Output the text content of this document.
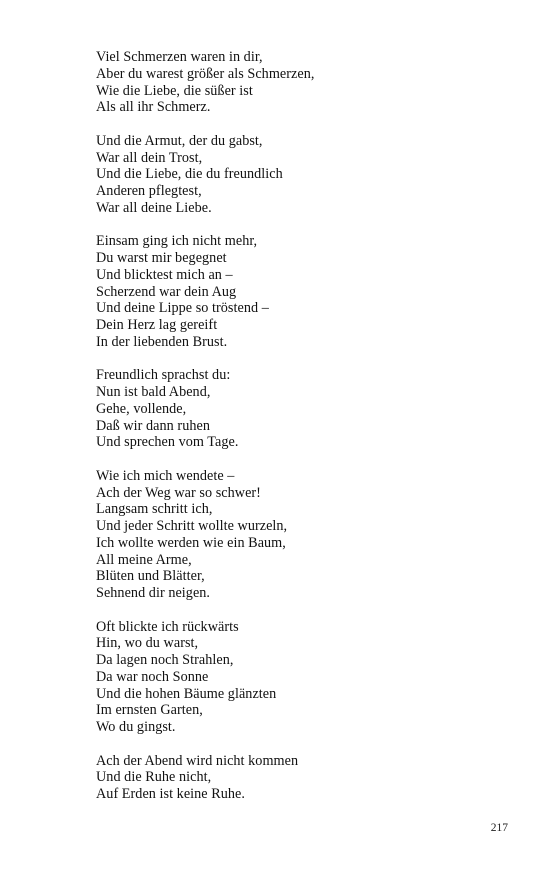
Viel Schmerzen waren in dir,
Aber du warest größer als Schmerzen,
Wie die Liebe, die süßer ist
Als all ihr Schmerz.
Und die Armut, der du gabst,
War all dein Trost,
Und die Liebe, die du freundlich
Anderen pflegtest,
War all deine Liebe.
Einsam ging ich nicht mehr,
Du warst mir begegnet
Und blicktest mich an –
Scherzend war dein Aug
Und deine Lippe so tröstend –
Dein Herz lag gereift
In der liebenden Brust.
Freundlich sprachst du:
Nun ist bald Abend,
Gehe, vollende,
Daß wir dann ruhen
Und sprechen vom Tage.
Wie ich mich wendete –
Ach der Weg war so schwer!
Langsam schritt ich,
Und jeder Schritt wollte wurzeln,
Ich wollte werden wie ein Baum,
All meine Arme,
Blüten und Blätter,
Sehnend dir neigen.
Oft blickte ich rückwärts
Hin, wo du warst,
Da lagen noch Strahlen,
Da war noch Sonne
Und die hohen Bäume glänzten
Im ernsten Garten,
Wo du gingst.
Ach der Abend wird nicht kommen
Und die Ruhe nicht,
Auf Erden ist keine Ruhe.
217
